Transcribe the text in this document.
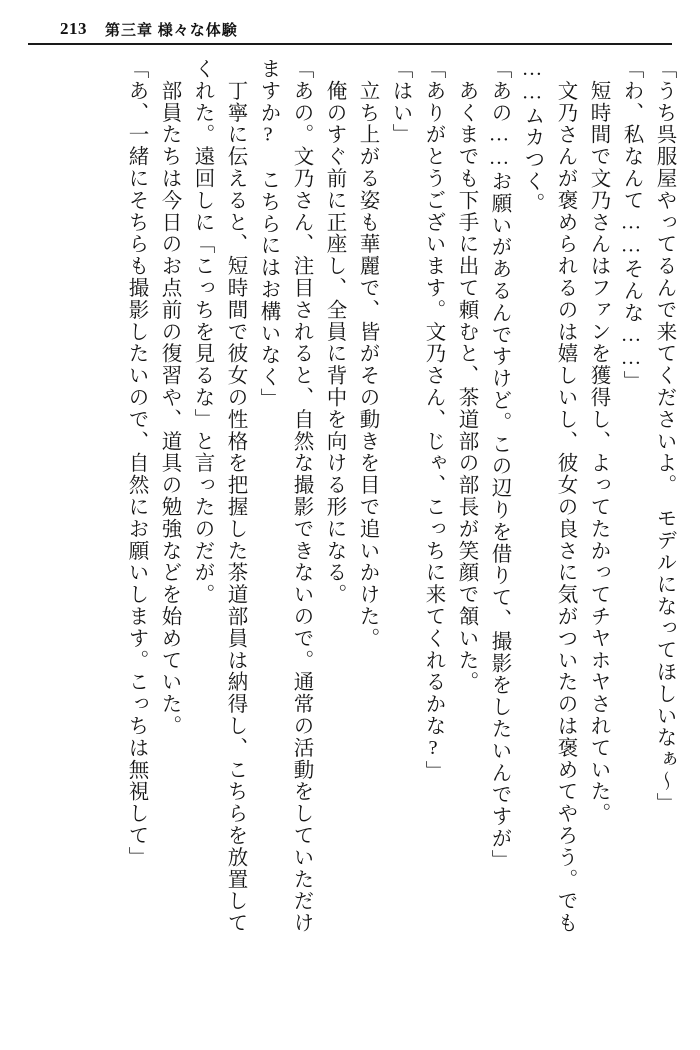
213 第三章 様々な体験
「うち呉服屋やってるんで来てくださいよ。　モデルになってほしいなぁ〜」
「わ、私なんて……そんな……」
　短時間で文乃さんはファンを獲得し、よってたかってチヤホヤされていた。
　文乃さんが褒められるのは嬉しいし、彼女の良さに気がついたのは褒めてやろう。でも
……ムカつく。
「あの……お願いがあるんですけど。この辺りを借りて、撮影をしたいんですが」
　あくまでも下手に出て頼むと、茶道部の部長が笑顔で頷いた。
「ありがとうございます。文乃さん、じゃ、こっちに来てくれるかな?」
「はい」
　立ち上がる姿も華麗で、皆がその動きを目で追いかけた。
　俺のすぐ前に正座し、全員に背中を向ける形になる。
「あの。文乃さん、注目されると、自然な撮影できないので。通常の活動をしていただけ
ますか?　こちらにはお構いなく」
　丁寧に伝えると、短時間で彼女の性格を把握した茶道部員は納得し、こちらを放置して
くれた。遠回しに「こっちを見るな」と言ったのだが。
　部員たちは今日のお点前の復習や、道具の勉強などを始めていた。
「あ、一緒にそちらも撮影したいので、自然にお願いします。こっちは無視して」
